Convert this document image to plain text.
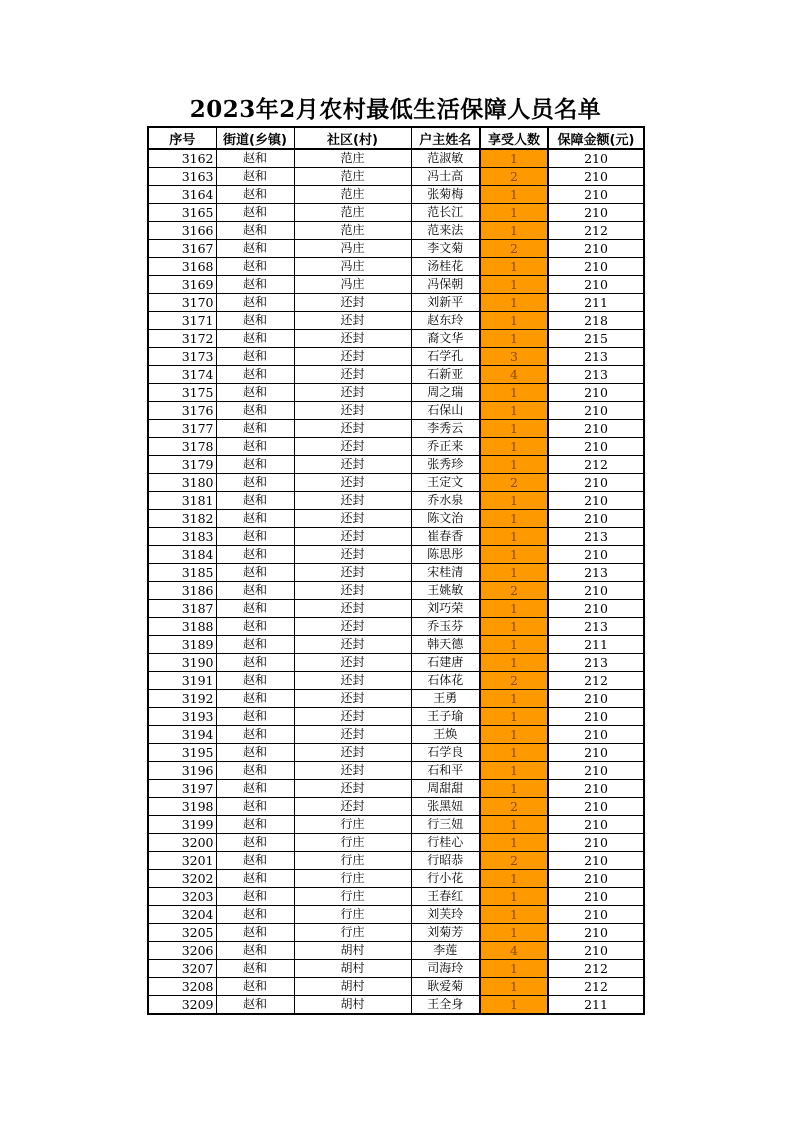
2023年2月农村最低生活保障人员名单
序号	街道(乡镇)	社区(村)	户主姓名	享受人数	保障金额(元)
3162	赵和	范庄	范淑敏	1	210
3163	赵和	范庄	冯士高	2	210
3164	赵和	范庄	张菊梅	1	210
3165	赵和	范庄	范长江	1	210
3166	赵和	范庄	范来法	1	212
3167	赵和	冯庄	李文菊	2	210
3168	赵和	冯庄	汤桂花	1	210
3169	赵和	冯庄	冯保朝	1	210
3170	赵和	还封	刘新平	1	211
3171	赵和	还封	赵东玲	1	218
3172	赵和	还封	裔文华	1	215
3173	赵和	还封	石学孔	3	213
3174	赵和	还封	石新亚	4	213
3175	赵和	还封	周之瑞	1	210
3176	赵和	还封	石保山	1	210
3177	赵和	还封	李秀云	1	210
3178	赵和	还封	乔正来	1	210
3179	赵和	还封	张秀珍	1	212
3180	赵和	还封	王定文	2	210
3181	赵和	还封	乔水泉	1	210
3182	赵和	还封	陈文治	1	210
3183	赵和	还封	崔春香	1	213
3184	赵和	还封	陈思彤	1	210
3185	赵和	还封	宋桂清	1	213
3186	赵和	还封	王姚敏	2	210
3187	赵和	还封	刘巧荣	1	210
3188	赵和	还封	乔玉芬	1	213
3189	赵和	还封	韩天德	1	211
3190	赵和	还封	石建唐	1	213
3191	赵和	还封	石体花	2	212
3192	赵和	还封	王勇	1	210
3193	赵和	还封	王子瑜	1	210
3194	赵和	还封	王焕	1	210
3195	赵和	还封	石学良	1	210
3196	赵和	还封	石和平	1	210
3197	赵和	还封	周甜甜	1	210
3198	赵和	还封	张黑妞	2	210
3199	赵和	行庄	行三妞	1	210
3200	赵和	行庄	行桂心	1	210
3201	赵和	行庄	行昭恭	2	210
3202	赵和	行庄	行小花	1	210
3203	赵和	行庄	王春红	1	210
3204	赵和	行庄	刘芙玲	1	210
3205	赵和	行庄	刘菊芳	1	210
3206	赵和	胡村	李莲	4	210
3207	赵和	胡村	司海玲	1	212
3208	赵和	胡村	耿爱菊	1	212
3209	赵和	胡村	王全身	1	211
